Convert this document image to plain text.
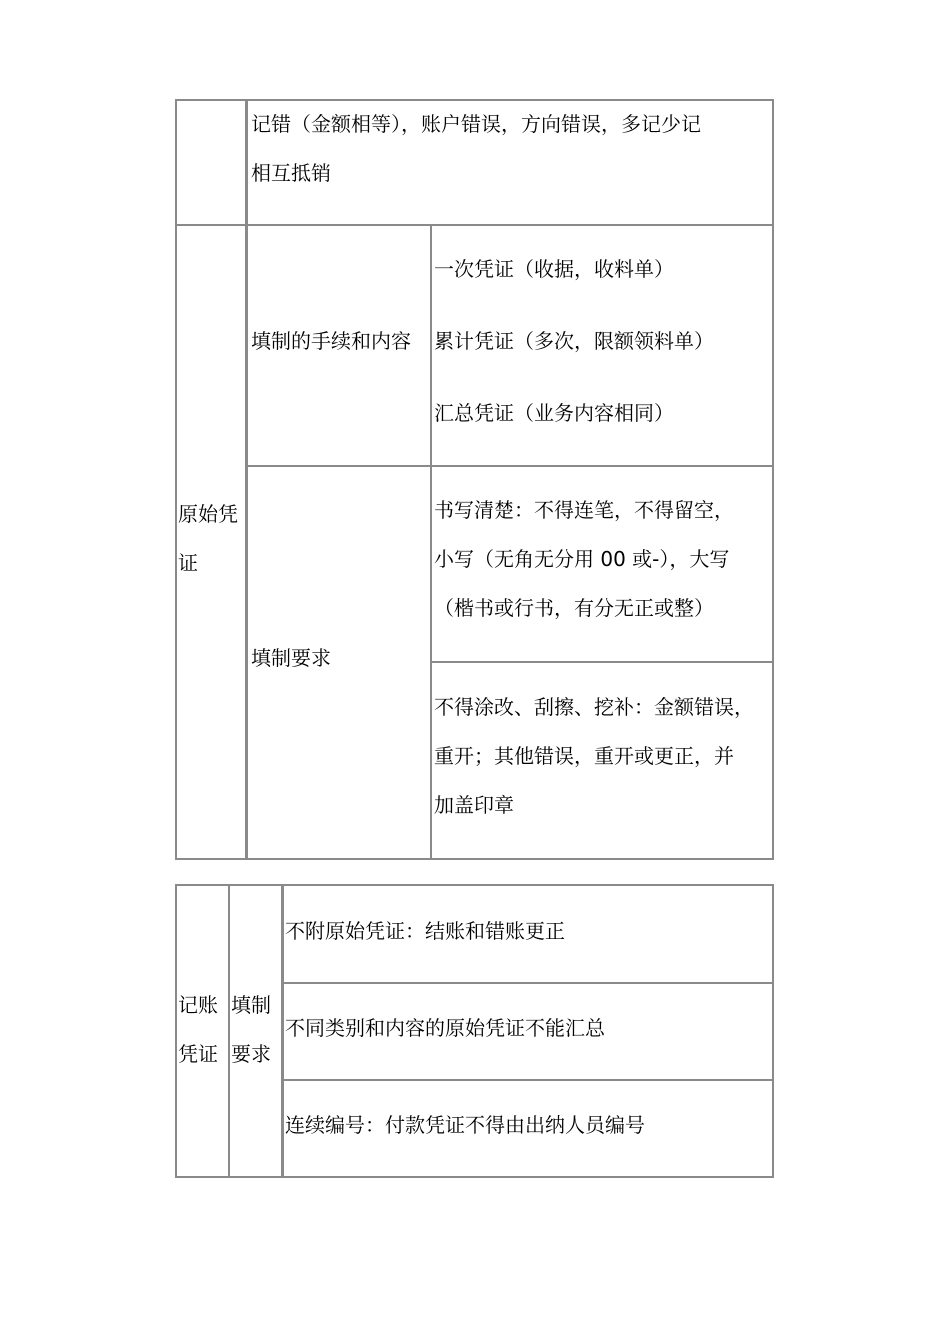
记错（金额相等），账户错误，方向错误，多记少记
相互抵销
原始凭
证
填制的手续和内容
一次凭证（收据，收料单）
累计凭证（多次，限额领料单）
汇总凭证（业务内容相同）
填制要求
书写清楚：不得连笔，不得留空，
小写（无角无分用 00 或-），大写
（楷书或行书，有分无正或整）
不得涂改、刮擦、挖补：金额错误，
重开；其他错误，重开或更正，并
加盖印章
记账
凭证
填制
要求
不附原始凭证：结账和错账更正
不同类别和内容的原始凭证不能汇总
连续编号：付款凭证不得由出纳人员编号
